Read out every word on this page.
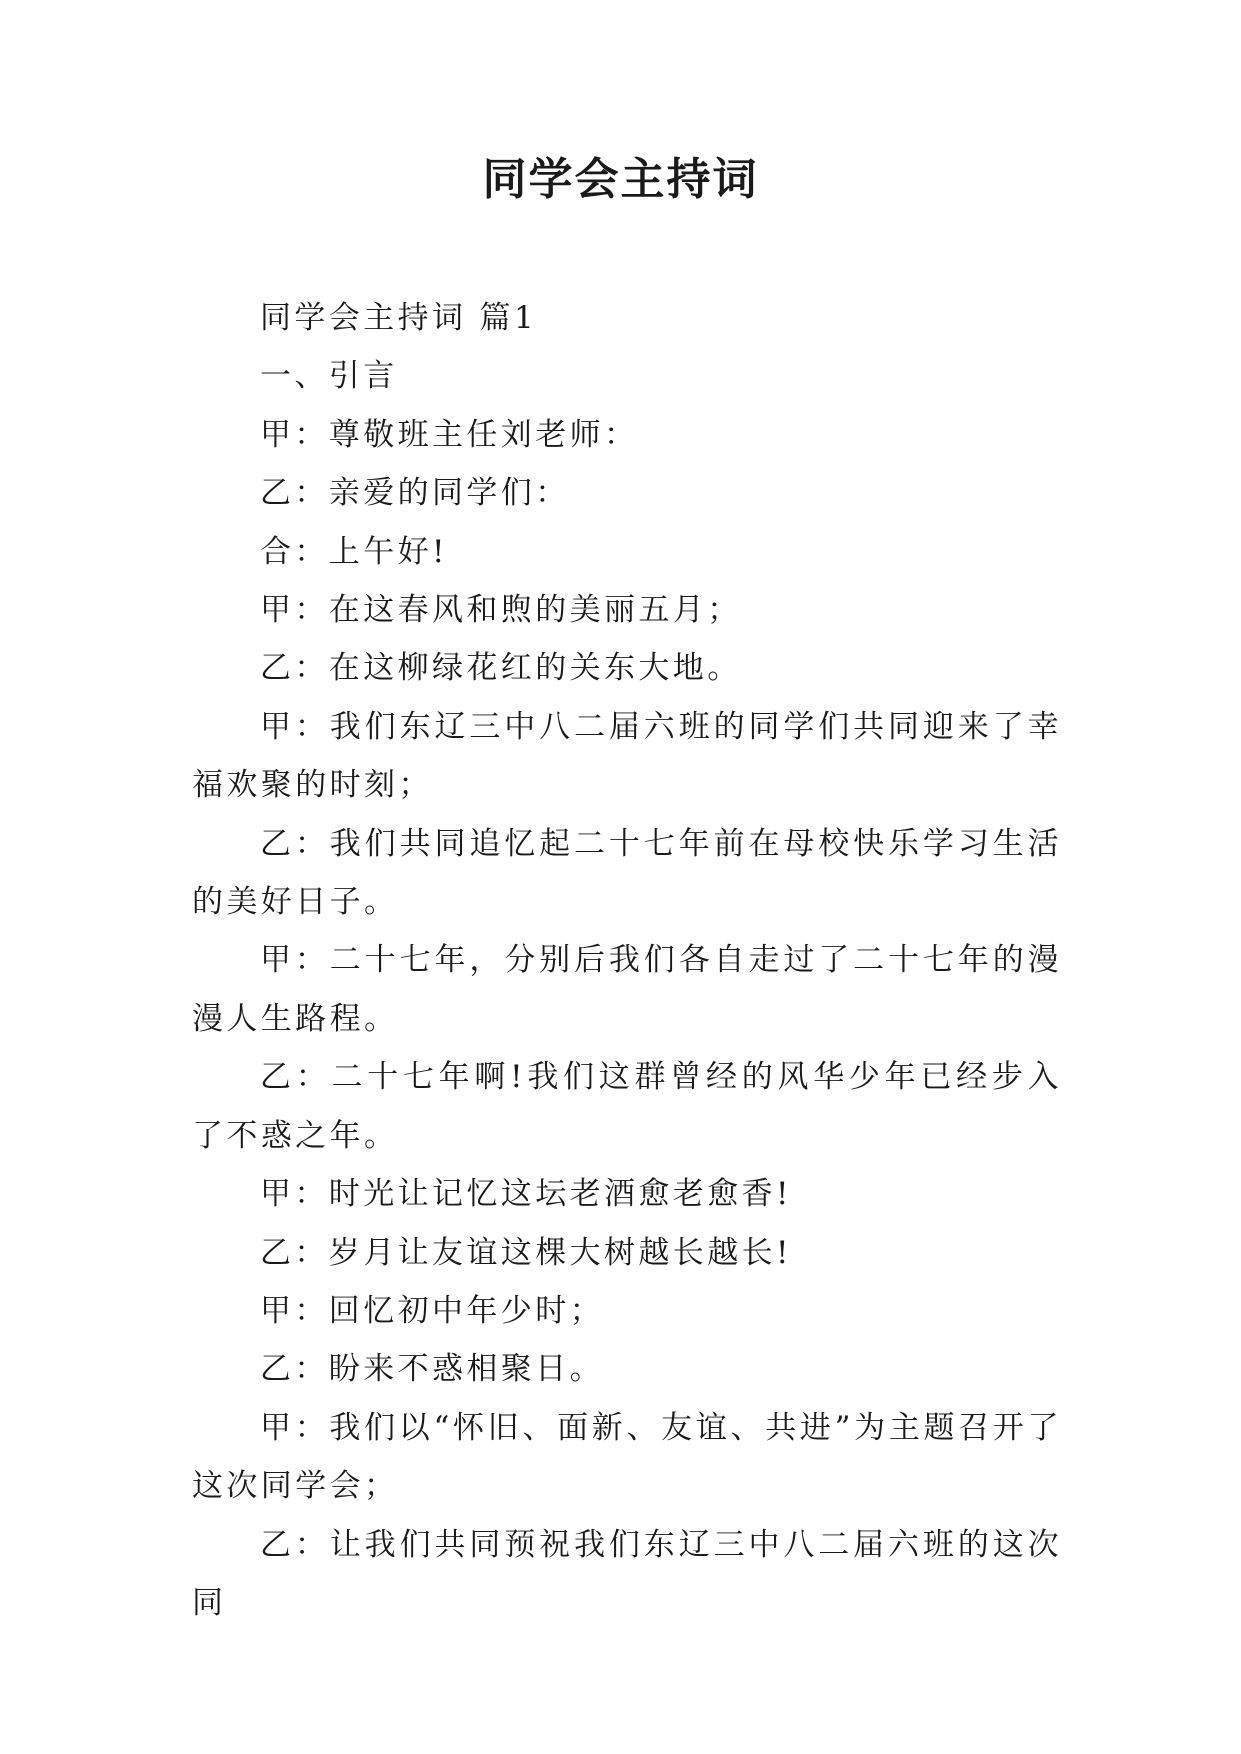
同学会主持词

同学会主持词 篇1

一、引言

甲：尊敬班主任刘老师：

乙：亲爱的同学们：

合：上午好!

甲：在这春风和煦的美丽五月；

乙：在这柳绿花红的关东大地。

甲：我们东辽三中八二届六班的同学们共同迎来了幸福欢聚的时刻；

乙：我们共同追忆起二十七年前在母校快乐学习生活的美好日子。

甲：二十七年，分别后我们各自走过了二十七年的漫漫人生路程。

乙：二十七年啊!我们这群曾经的风华少年已经步入了不惑之年。

甲：时光让记忆这坛老酒愈老愈香!

乙：岁月让友谊这棵大树越长越长!

甲：回忆初中年少时；

乙：盼来不惑相聚日。

甲：我们以“怀旧、面新、友谊、共进”为主题召开了这次同学会；

乙：让我们共同预祝我们东辽三中八二届六班的这次同
